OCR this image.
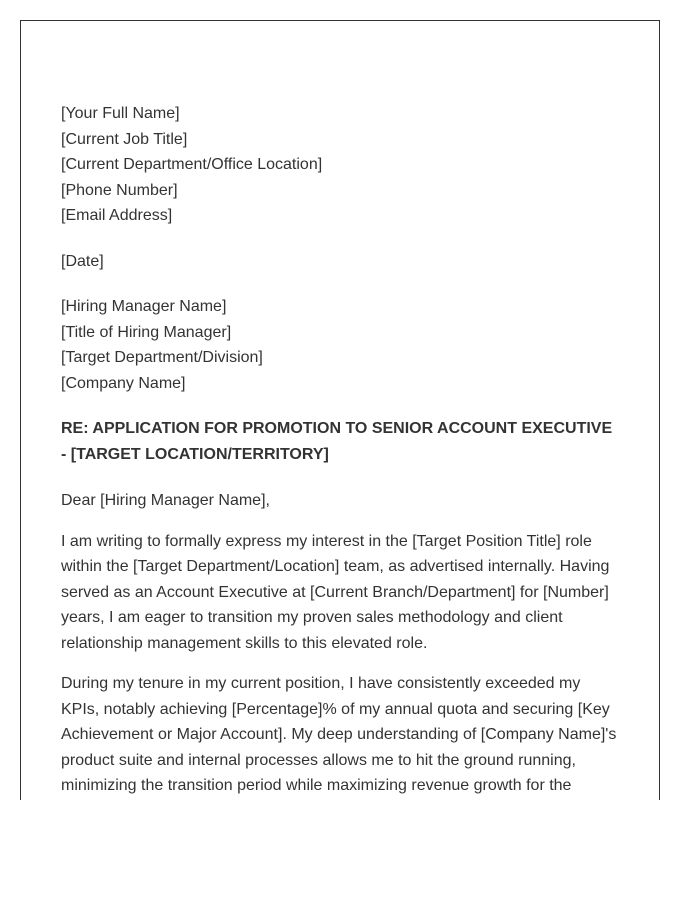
[Your Full Name]
[Current Job Title]
[Current Department/Office Location]
[Phone Number]
[Email Address]
[Date]
[Hiring Manager Name]
[Title of Hiring Manager]
[Target Department/Division]
[Company Name]
RE: APPLICATION FOR PROMOTION TO SENIOR ACCOUNT EXECUTIVE
- [TARGET LOCATION/TERRITORY]
Dear [Hiring Manager Name],

I am writing to formally express my interest in the [Target Position Title] role
within the [Target Department/Location] team, as advertised internally. Having
served as an Account Executive at [Current Branch/Department] for [Number]
years, I am eager to transition my proven sales methodology and client
relationship management skills to this elevated role.

During my tenure in my current position, I have consistently exceeded my
KPIs, notably achieving [Percentage]% of my annual quota and securing [Key
Achievement or Major Account]. My deep understanding of [Company Name]'s
product suite and internal processes allows me to hit the ground running,
minimizing the transition period while maximizing revenue growth for the
